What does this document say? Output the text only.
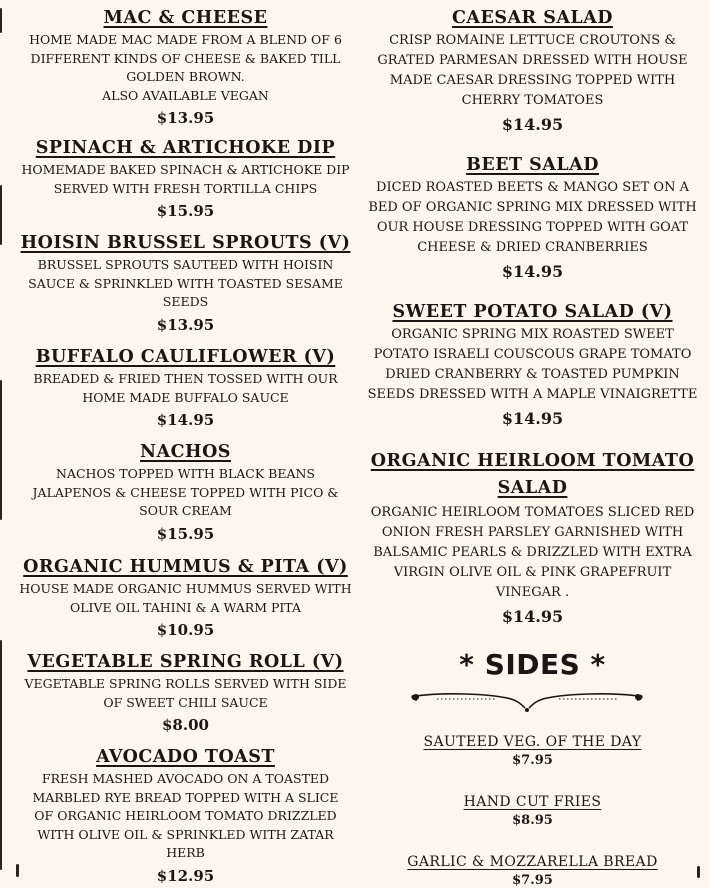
MAC & CHEESE
HOME MADE MAC MADE FROM A BLEND OF 6
DIFFERENT KINDS OF CHEESE & BAKED TILL
GOLDEN BROWN.
ALSO AVAILABLE VEGAN
$13.95
SPINACH & ARTICHOKE DIP
HOMEMADE BAKED SPINACH & ARTICHOKE DIP
SERVED WITH FRESH TORTILLA CHIPS
$15.95
HOISIN BRUSSEL SPROUTS (V)
BRUSSEL SPROUTS SAUTEED WITH HOISIN
SAUCE & SPRINKLED WITH TOASTED SESAME
SEEDS
$13.95
BUFFALO CAULIFLOWER (V)
BREADED & FRIED THEN TOSSED WITH OUR
HOME MADE BUFFALO SAUCE
$14.95
NACHOS
NACHOS TOPPED WITH BLACK BEANS
JALAPENOS & CHEESE TOPPED WITH PICO &
SOUR CREAM
$15.95
ORGANIC HUMMUS & PITA (V)
HOUSE MADE ORGANIC HUMMUS SERVED WITH
OLIVE OIL TAHINI & A WARM PITA
$10.95
VEGETABLE SPRING ROLL (V)
VEGETABLE SPRING ROLLS SERVED WITH SIDE
OF SWEET CHILI SAUCE
$8.00
AVOCADO TOAST
FRESH MASHED AVOCADO ON A TOASTED
MARBLED RYE BREAD TOPPED WITH A SLICE
OF ORGANIC HEIRLOOM TOMATO DRIZZLED
WITH OLIVE OIL & SPRINKLED WITH ZATAR
HERB
$12.95
CAESAR SALAD
CRISP ROMAINE LETTUCE CROUTONS &
GRATED PARMESAN DRESSED WITH HOUSE
MADE CAESAR DRESSING TOPPED WITH
CHERRY TOMATOES
$14.95
BEET SALAD
DICED ROASTED BEETS & MANGO SET ON A
BED OF ORGANIC SPRING MIX DRESSED WITH
OUR HOUSE DRESSING TOPPED WITH GOAT
CHEESE & DRIED CRANBERRIES
$14.95
SWEET POTATO SALAD (V)
ORGANIC SPRING MIX ROASTED SWEET
POTATO ISRAELI COUSCOUS GRAPE TOMATO
DRIED CRANBERRY & TOASTED PUMPKIN
SEEDS DRESSED WITH A MAPLE VINAIGRETTE
$14.95
ORGANIC HEIRLOOM TOMATO SALAD
ORGANIC HEIRLOOM TOMATOES SLICED RED
ONION FRESH PARSLEY GARNISHED WITH
BALSAMIC PEARLS & DRIZZLED WITH EXTRA
VIRGIN OLIVE OIL & PINK GRAPEFRUIT
VINEGAR .
$14.95
* SIDES *
SAUTEED VEG. OF THE DAY
$7.95
HAND CUT FRIES
$8.95
GARLIC & MOZZARELLA BREAD
$7.95
